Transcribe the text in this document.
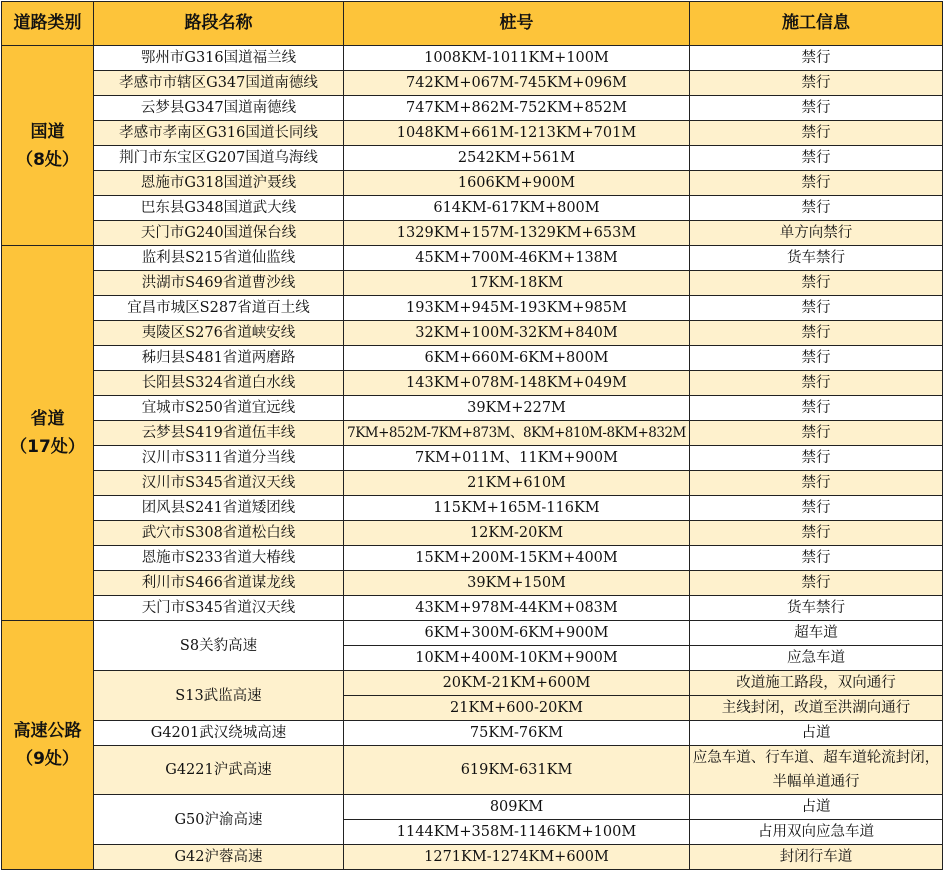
道路类别	路段名称	桩号	施工信息

国道
（8处）	鄂州市G316国道福兰线	1008KM-1011KM+100M	禁行
	孝感市市辖区G347国道南德线	742KM+067M-745KM+096M	禁行
	云梦县G347国道南德线	747KM+862M-752KM+852M	禁行
	孝感市孝南区G316国道长同线	1048KM+661M-1213KM+701M	禁行
	荆门市东宝区G207国道乌海线	2542KM+561M	禁行
	恩施市G318国道沪聂线	1606KM+900M	禁行
	巴东县G348国道武大线	614KM-617KM+800M	禁行
	天门市G240国道保台线	1329KM+157M-1329KM+653M	单方向禁行

省道
（17处）	监利县S215省道仙监线	45KM+700M-46KM+138M	货车禁行
	洪湖市S469省道曹沙线	17KM-18KM	禁行
	宜昌市城区S287省道百土线	193KM+945M-193KM+985M	禁行
	夷陵区S276省道峡安线	32KM+100M-32KM+840M	禁行
	秭归县S481省道两磨路	6KM+660M-6KM+800M	禁行
	长阳县S324省道白水线	143KM+078M-148KM+049M	禁行
	宜城市S250省道宜远线	39KM+227M	禁行
	云梦县S419省道伍丰线	7KM+852M-7KM+873M、8KM+810M-8KM+832M	禁行
	汉川市S311省道分当线	7KM+011M、11KM+900M	禁行
	汉川市S345省道汉天线	21KM+610M	禁行
	团风县S241省道矮团线	115KM+165M-116KM	禁行
	武穴市S308省道松白线	12KM-20KM	禁行
	恩施市S233省道大椿线	15KM+200M-15KM+400M	禁行
	利川市S466省道谋龙线	39KM+150M	禁行
	天门市S345省道汉天线	43KM+978M-44KM+083M	货车禁行

高速公路
（9处）	S8关豹高速	6KM+300M-6KM+900M	超车道
		10KM+400M-10KM+900M	应急车道
	S13武监高速	20KM-21KM+600M	改道施工路段，双向通行
		21KM+600-20KM	主线封闭，改道至洪湖向通行
	G4201武汉绕城高速	75KM-76KM	占道
	G4221沪武高速	619KM-631KM	应急车道、行车道、超车道轮流封闭，半幅单道通行
	G50沪渝高速	809KM	占道
		1144KM+358M-1146KM+100M	占用双向应急车道
	G42沪蓉高速	1271KM-1274KM+600M	封闭行车道
